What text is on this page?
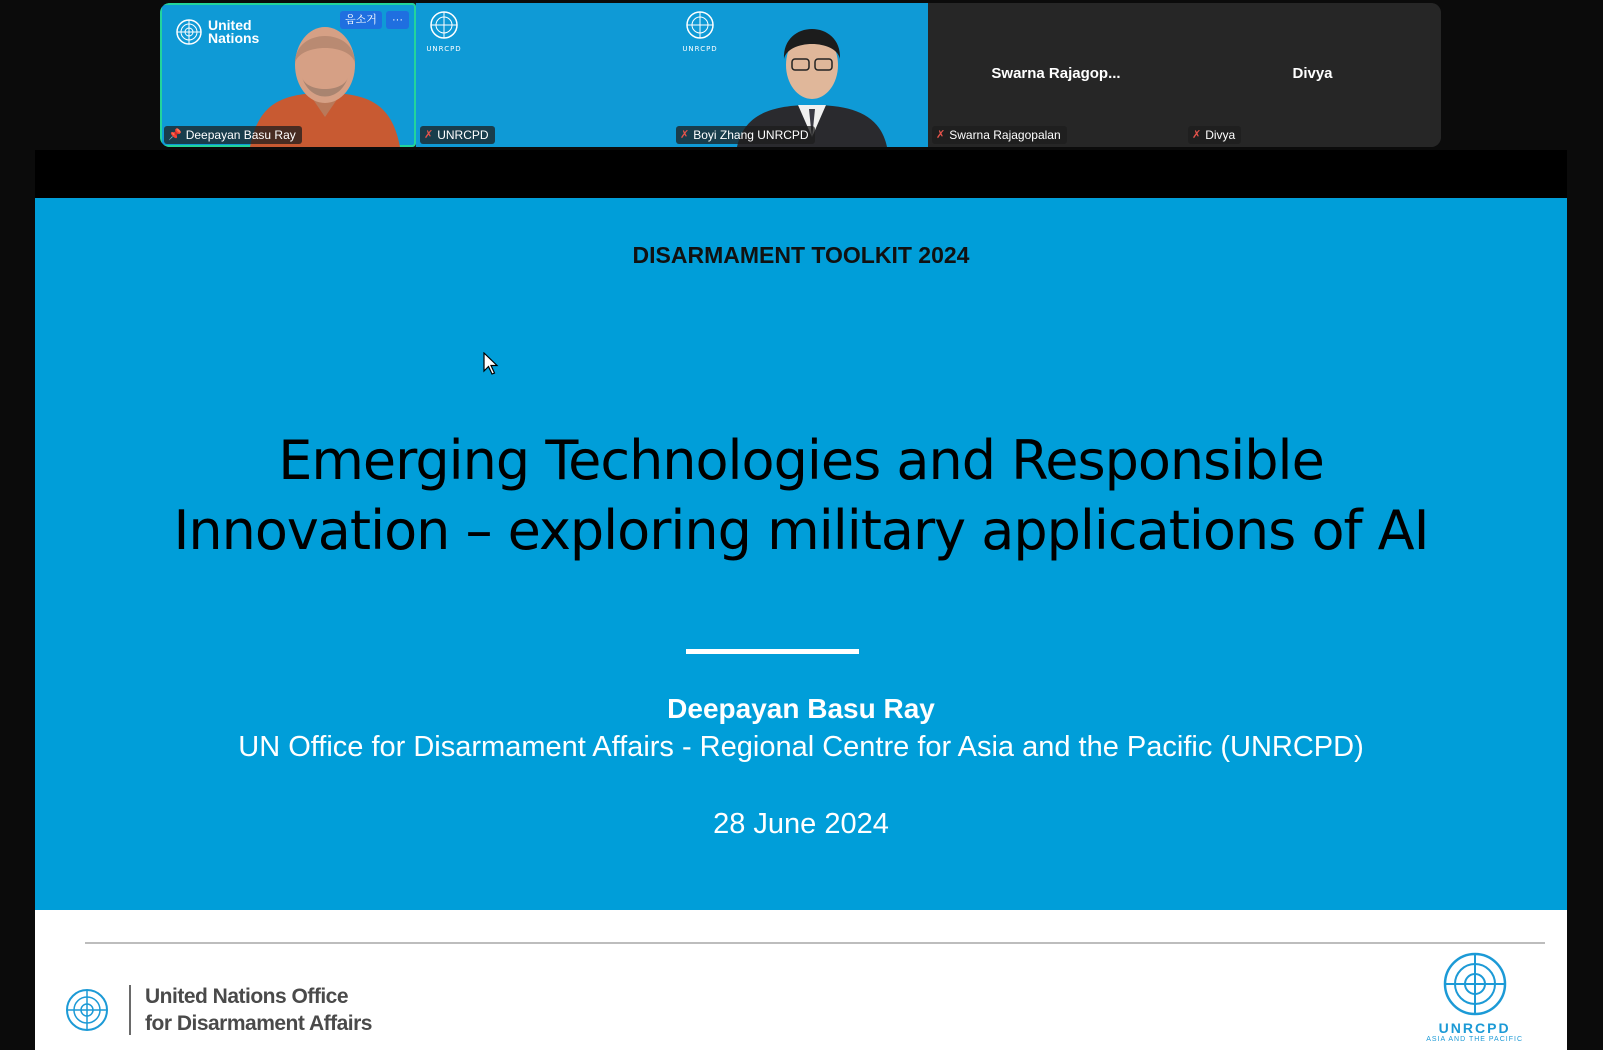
United Nations
음소거	···
📌 Deepayan Basu Ray
UNRCPD
✗ UNRCPD
UNRCPD
✗ Boyi Zhang UNRCPD
Swarna Rajagop...
✗ Swarna Rajagopalan
Divya
✗ Divya
DISARMAMENT TOOLKIT 2024
Emerging Technologies and Responsible
Innovation – exploring military applications of AI
Deepayan Basu Ray
UN Office for Disarmament Affairs - Regional Centre for Asia and the Pacific (UNRCPD)
28 June 2024
United Nations Office
for Disarmament Affairs	UNRCPD
ASIA AND THE PACIFIC
